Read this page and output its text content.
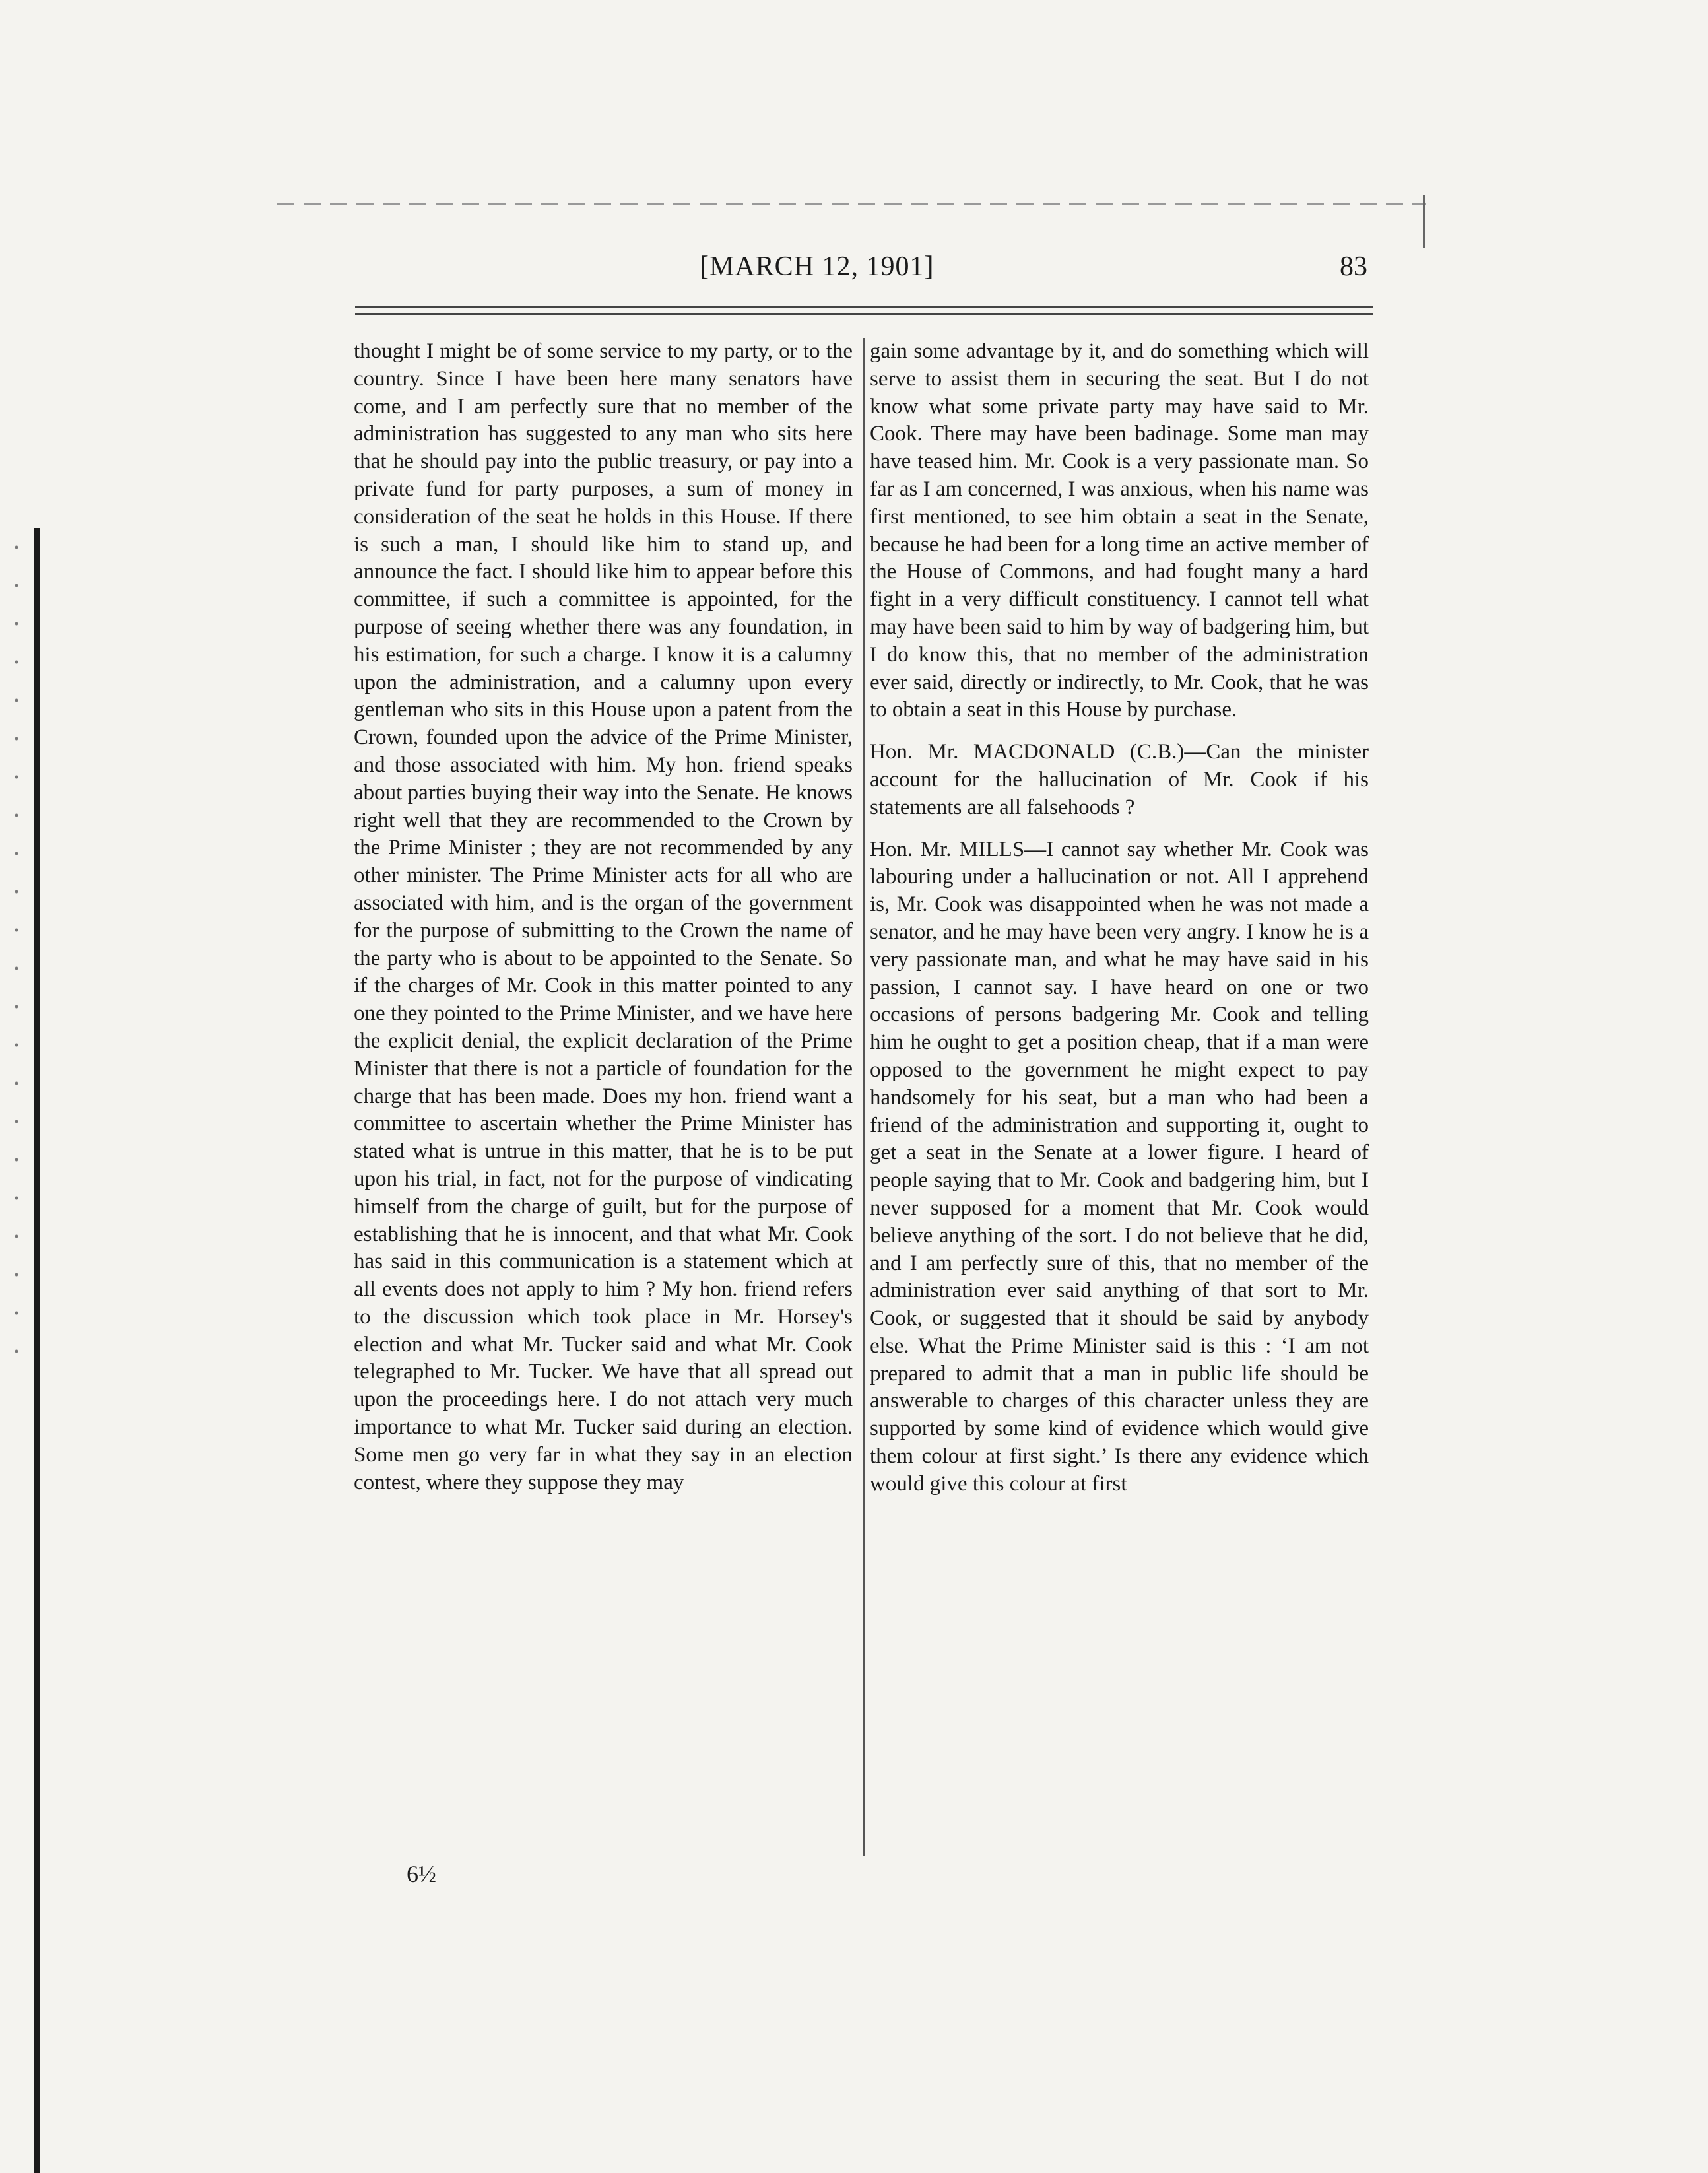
[MARCH 12, 1901]	83

thought I might be of some service to my party, or to the country. Since I have been here many senators have come, and I am perfectly sure that no member of the administration has suggested to any man who sits here that he should pay into the public treasury, or pay into a private fund for party purposes, a sum of money in consideration of the seat he holds in this House. If there is such a man, I should like him to stand up, and announce the fact. I should like him to appear before this committee, if such a committee is appointed, for the purpose of seeing whether there was any foundation, in his estimation, for such a charge. I know it is a calumny upon the administration, and a calumny upon every gentleman who sits in this House upon a patent from the Crown, founded upon the advice of the Prime Minister, and those associated with him. My hon. friend speaks about parties buying their way into the Senate. He knows right well that they are recommended to the Crown by the Prime Minister ; they are not recommended by any other minister. The Prime Minister acts for all who are associated with him, and is the organ of the government for the purpose of submitting to the Crown the name of the party who is about to be appointed to the Senate. So if the charges of Mr. Cook in this matter pointed to any one they pointed to the Prime Minister, and we have here the explicit denial, the explicit declaration of the Prime Minister that there is not a particle of foundation for the charge that has been made. Does my hon. friend want a committee to ascertain whether the Prime Minister has stated what is untrue in this matter, that he is to be put upon his trial, in fact, not for the purpose of vindicating himself from the charge of guilt, but for the purpose of establishing that he is innocent, and that what Mr. Cook has said in this communication is a statement which at all events does not apply to him ? My hon. friend refers to the discussion which took place in Mr. Horsey's election and what Mr. Tucker said and what Mr. Cook telegraphed to Mr. Tucker. We have that all spread out upon the proceedings here. I do not attach very much importance to what Mr. Tucker said during an election. Some men go very far in what they say in an election contest, where they suppose they may

gain some advantage by it, and do something which will serve to assist them in securing the seat. But I do not know what some private party may have said to Mr. Cook. There may have been badinage. Some man may have teased him. Mr. Cook is a very passionate man. So far as I am concerned, I was anxious, when his name was first mentioned, to see him obtain a seat in the Senate, because he had been for a long time an active member of the House of Commons, and had fought many a hard fight in a very difficult constituency. I cannot tell what may have been said to him by way of badgering him, but I do know this, that no member of the administration ever said, directly or indirectly, to Mr. Cook, that he was to obtain a seat in this House by purchase.

Hon. Mr. MACDONALD (C.B.)—Can the minister account for the hallucination of Mr. Cook if his statements are all falsehoods ?

Hon. Mr. MILLS—I cannot say whether Mr. Cook was labouring under a hallucination or not. All I apprehend is, Mr. Cook was disappointed when he was not made a senator, and he may have been very angry. I know he is a very passionate man, and what he may have said in his passion, I cannot say. I have heard on one or two occasions of persons badgering Mr. Cook and telling him he ought to get a position cheap, that if a man were opposed to the government he might expect to pay handsomely for his seat, but a man who had been a friend of the administration and supporting it, ought to get a seat in the Senate at a lower figure. I heard of people saying that to Mr. Cook and badgering him, but I never supposed for a moment that Mr. Cook would believe anything of the sort. I do not believe that he did, and I am perfectly sure of this, that no member of the administration ever said anything of that sort to Mr. Cook, or suggested that it should be said by anybody else. What the Prime Minister said is this : ‘I am not prepared to admit that a man in public life should be answerable to charges of this character unless they are supported by some kind of evidence which would give them colour at first sight.’ Is there any evidence which would give this colour at first

6½
